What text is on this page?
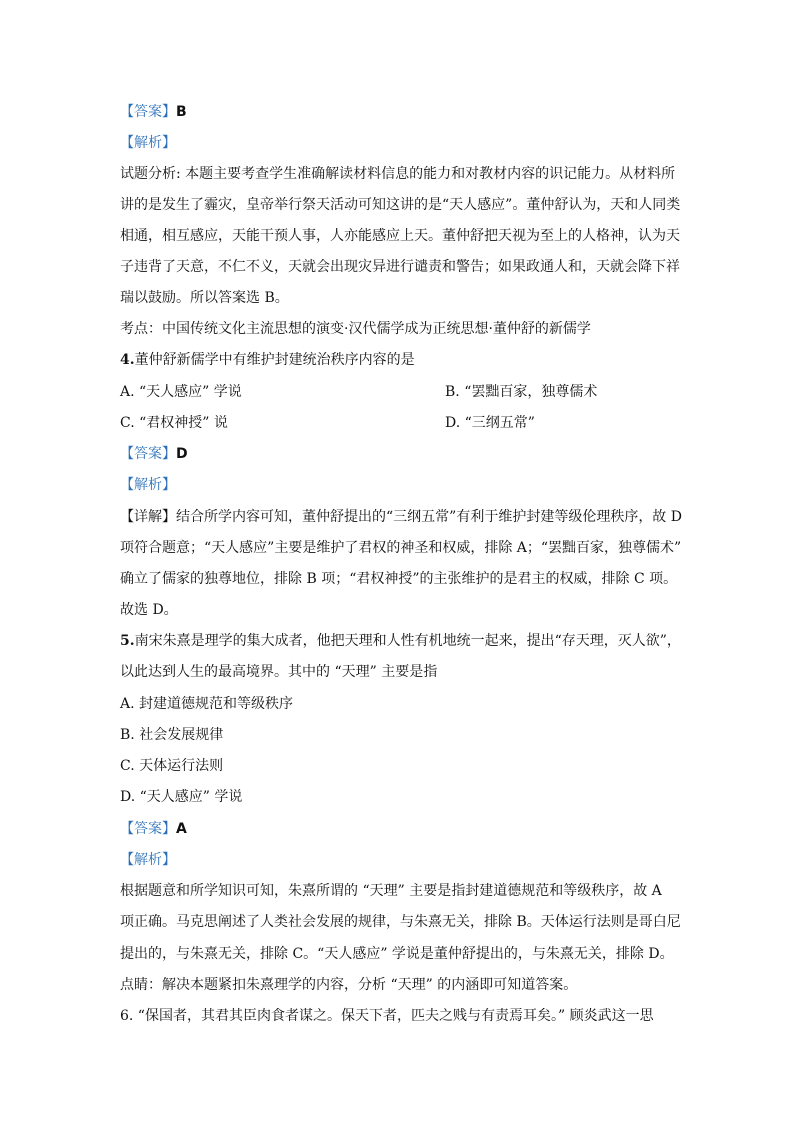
【答案】B
【解析】
试题分析: 本题主要考查学生准确解读材料信息的能力和对教材内容的识记能力。从材料所
讲的是发生了霾灾，皇帝举行祭天活动可知这讲的是“天人感应”。董仲舒认为，天和人同类
相通，相互感应，天能干预人事，人亦能感应上天。董仲舒把天视为至上的人格神，认为天
子违背了天意，不仁不义，天就会出现灾异进行谴责和警告；如果政通人和，天就会降下祥
瑞以鼓励。所以答案选 B。
考点：中国传统文化主流思想的演变·汉代儒学成为正统思想·董仲舒的新儒学
4.董仲舒新儒学中有维护封建统治秩序内容的是
A. “天人感应” 学说	B. “罢黜百家，独尊儒术
C. “君权神授” 说	D. “三纲五常”
【答案】D
【解析】
【详解】结合所学内容可知，董仲舒提出的“三纲五常”有利于维护封建等级伦理秩序，故 D
项符合题意；“天人感应”主要是维护了君权的神圣和权威，排除 A；“罢黜百家，独尊儒术”
确立了儒家的独尊地位，排除 B 项；“君权神授”的主张维护的是君主的权威，排除 C 项。
故选 D。
5.南宋朱熹是理学的集大成者，他把天理和人性有机地统一起来，提出“存天理，灭人欲”，
以此达到人生的最高境界。其中的 “天理” 主要是指
A. 封建道德规范和等级秩序
B. 社会发展规律
C. 天体运行法则
D. “天人感应” 学说
【答案】A
【解析】
根据题意和所学知识可知，朱熹所谓的 “天理” 主要是指封建道德规范和等级秩序，故 A
项正确。马克思阐述了人类社会发展的规律，与朱熹无关，排除 B。天体运行法则是哥白尼
提出的，与朱熹无关，排除 C。“天人感应” 学说是董仲舒提出的，与朱熹无关，排除 D。
点睛：解决本题紧扣朱熹理学的内容，分析 “天理” 的内涵即可知道答案。
6. “保国者，其君其臣肉食者谋之。保天下者，匹夫之贱与有责焉耳矣。” 顾炎武这一思
